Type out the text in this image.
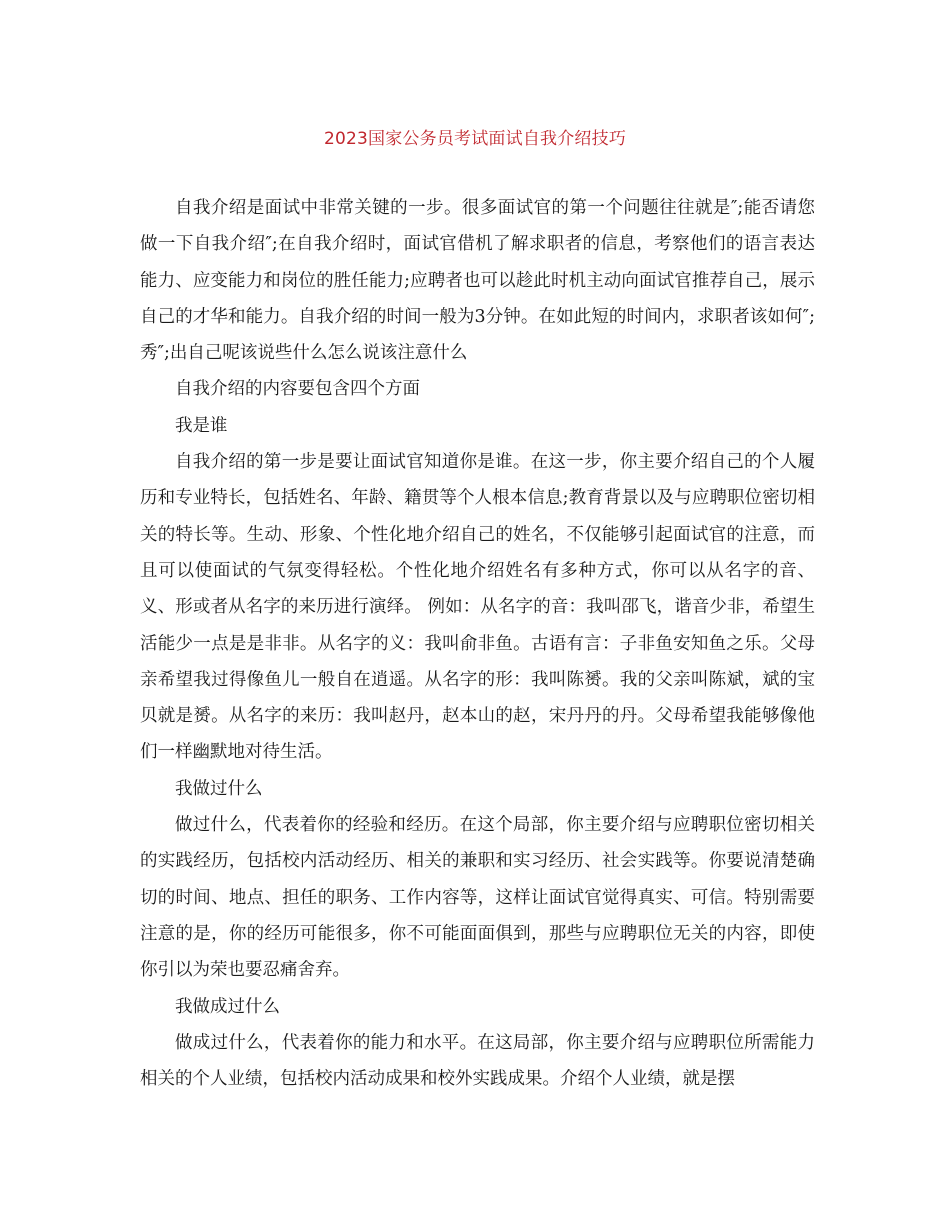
2023国家公务员考试面试自我介绍技巧

自我介绍是面试中非常关键的一步。很多面试官的第一个问题往往就是″;能否请您做一下自我介绍″;在自我介绍时，面试官借机了解求职者的信息，考察他们的语言表达能力、应变能力和岗位的胜任能力;应聘者也可以趁此时机主动向面试官推荐自己，展示自己的才华和能力。自我介绍的时间一般为3分钟。在如此短的时间内，求职者该如何″;秀″;出自己呢该说些什么怎么说该注意什么

自我介绍的内容要包含四个方面

我是谁

自我介绍的第一步是要让面试官知道你是谁。在这一步，你主要介绍自己的个人履历和专业特长，包括姓名、年龄、籍贯等个人根本信息;教育背景以及与应聘职位密切相关的特长等。生动、形象、个性化地介绍自己的姓名，不仅能够引起面试官的注意，而且可以使面试的气氛变得轻松。个性化地介绍姓名有多种方式，你可以从名字的音、义、形或者从名字的来历进行演绎。 例如：从名字的音：我叫邵飞，谐音少非，希望生活能少一点是是非非。从名字的义：我叫俞非鱼。古语有言：子非鱼安知鱼之乐。父母亲希望我过得像鱼儿一般自在逍遥。从名字的形：我叫陈赟。我的父亲叫陈斌，斌的宝贝就是赟。从名字的来历：我叫赵丹，赵本山的赵，宋丹丹的丹。父母希望我能够像他们一样幽默地对待生活。

我做过什么

做过什么，代表着你的经验和经历。在这个局部，你主要介绍与应聘职位密切相关的实践经历，包括校内活动经历、相关的兼职和实习经历、社会实践等。你要说清楚确切的时间、地点、担任的职务、工作内容等，这样让面试官觉得真实、可信。特别需要注意的是，你的经历可能很多，你不可能面面俱到，那些与应聘职位无关的内容，即使你引以为荣也要忍痛舍弃。

我做成过什么

做成过什么，代表着你的能力和水平。在这局部，你主要介绍与应聘职位所需能力相关的个人业绩，包括校内活动成果和校外实践成果。介绍个人业绩，就是摆
